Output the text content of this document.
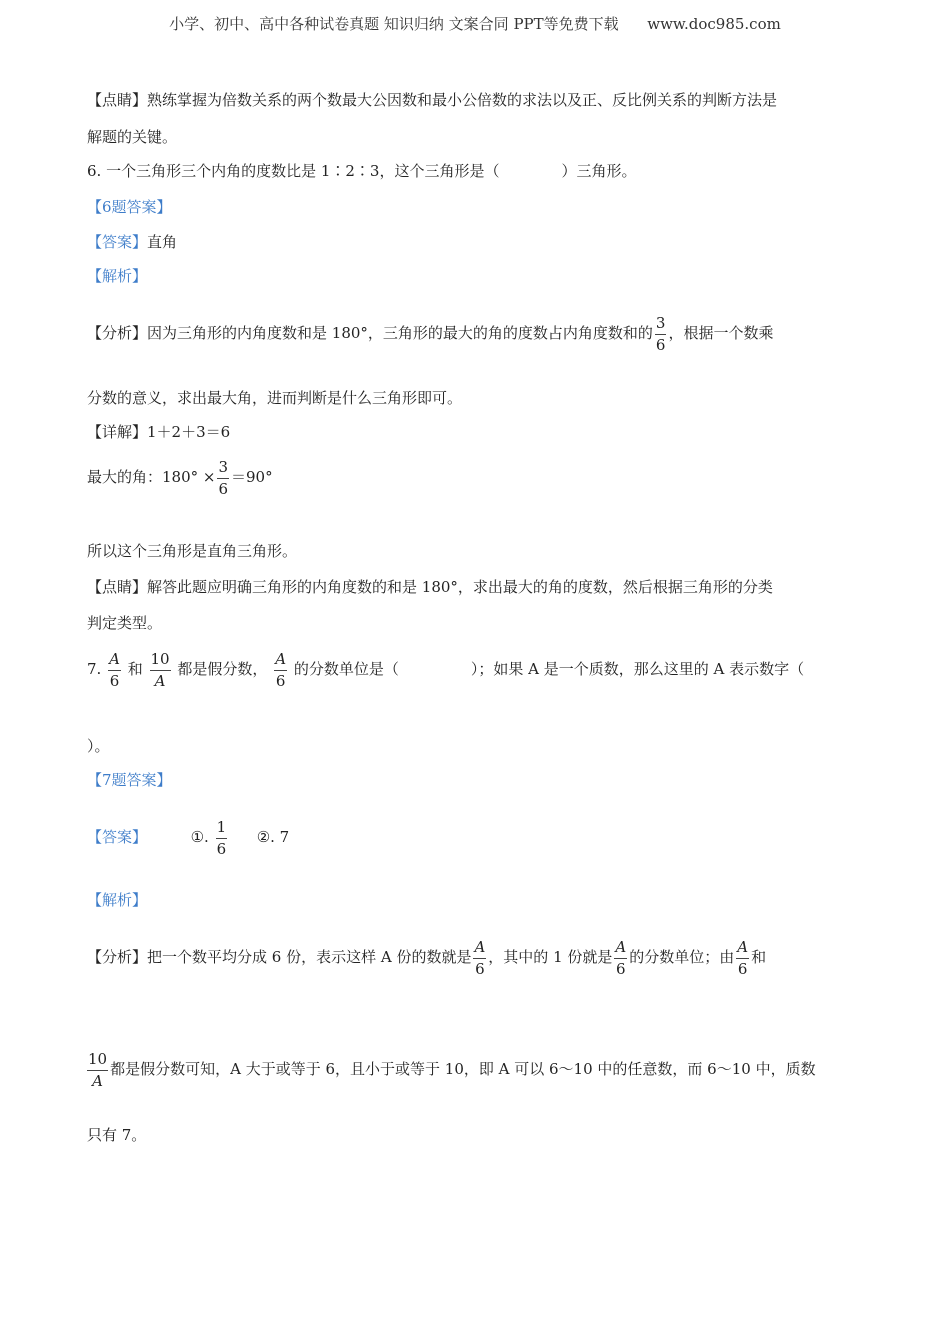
小学、初中、高中各种试卷真题 知识归纳 文案合同 PPT等免费下载      www.doc985.com
【点睛】熟练掌握为倍数关系的两个数最大公因数和最小公倍数的求法以及正、反比例关系的判断方法是
解题的关键。
6. 一个三角形三个内角的度数比是 1∶2∶3，这个三角形是（	）三角形。
【6题答案】
【答案】直角
【解析】
【分析】因为三角形的内角度数和是 180°，三角形的最大的角的度数占内角度数和的 $\frac{3}{6}$ ，根据一个数乘
分数的意义，求出最大角，进而判断是什么三角形即可。
【详解】1＋2＋3＝6
最大的角：$180^\circ \times \frac{3}{6} =90^\circ$
所以这个三角形是直角三角形。
【点睛】解答此题应明确三角形的内角度数的和是 180°，求出最大的角的度数，然后根据三角形的分类
判定类型。
7. $\frac{A}{6}$ 和 $\frac{10}{A}$ 都是假分数， $\frac{A}{6}$ 的分数单位是（	）；如果 A 是一个质数，那么这里的 A 表示数字（
）。
【7题答案】
【答案】	①. $\frac{1}{6}$ ②. 7
【解析】
【分析】把一个数平均分成 6 份，表示这样 A 份的数就是 $\frac{A}{6}$ ，其中的 1 份就是 $\frac{A}{6}$ 的分数单位；由 $\frac{A}{6}$ 和
$\frac{10}{A}$ 都是假分数可知，A 大于或等于 6，且小于或等于 10，即 A 可以 6～10 中的任意数，而 6～10 中，质数
只有 7。
